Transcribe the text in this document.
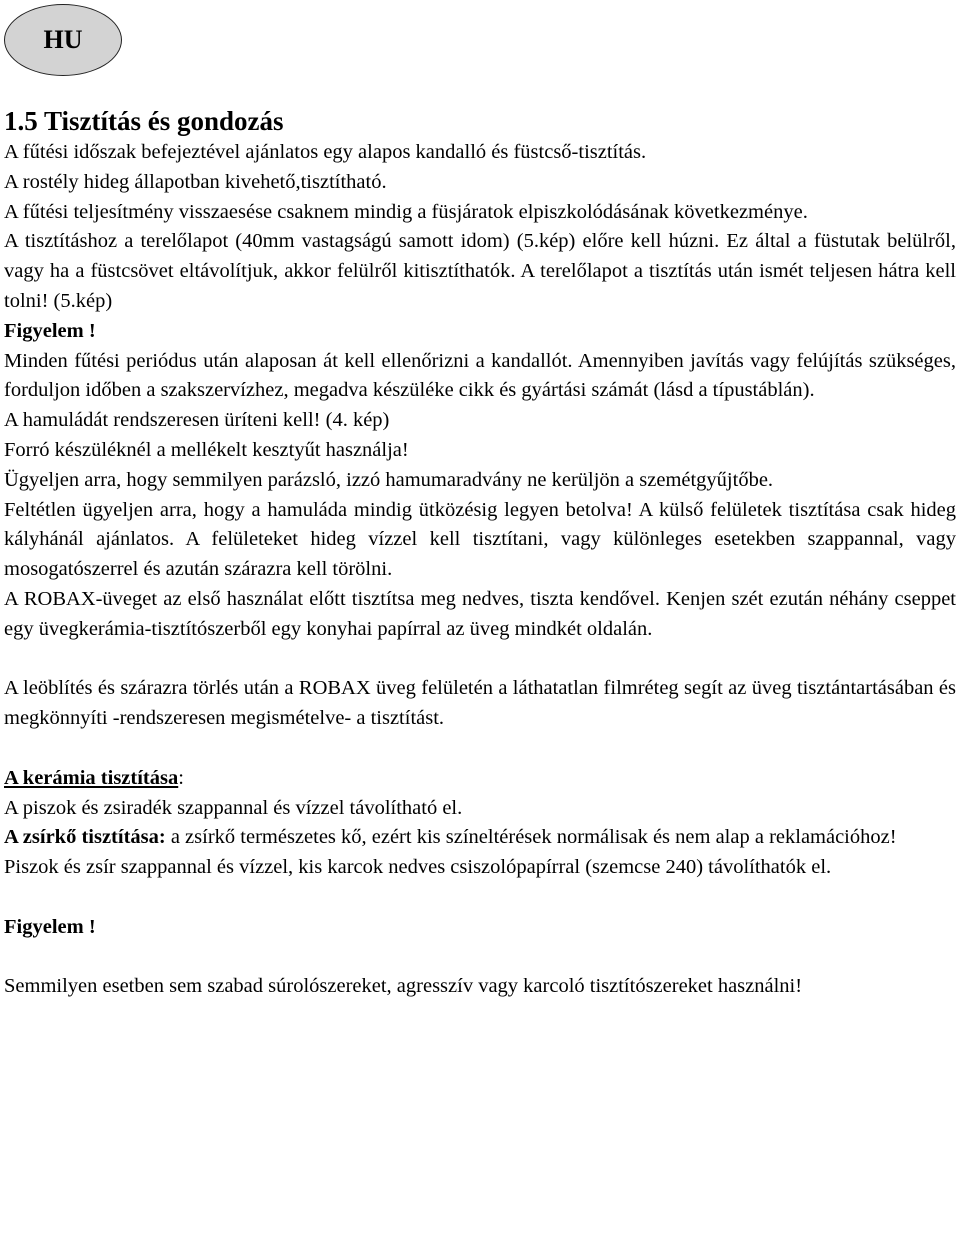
HU
1.5 Tisztítás és gondozás

A fűtési időszak befejeztével ajánlatos egy alapos kandalló és füstcső-tisztítás.

A rostély hideg állapotban kivehető,tisztítható.

A fűtési teljesítmény visszaesése csaknem mindig a füsjáratok elpiszkolódásának következménye.

A tisztításhoz a terelőlapot (40mm vastagságú samott idom) (5.kép) előre kell húzni. Ez által a füstutak belülről, vagy ha a füstcsövet eltávolítjuk, akkor felülről kitisztíthatók. A terelőlapot a tisztítás után ismét teljesen hátra kell tolni! (5.kép)

Figyelem !

Minden fűtési periódus után alaposan át kell ellenőrizni a kandallót. Amennyiben javítás vagy felújítás szükséges, forduljon időben a szakszervízhez, megadva készüléke cikk és gyártási számát (lásd a típustáblán).

A hamuládát rendszeresen üríteni kell! (4. kép)

Forró készüléknél a mellékelt kesztyűt használja!

Ügyeljen arra, hogy semmilyen parázsló, izzó hamumaradvány ne kerüljön a szemétgyűjtőbe.

Feltétlen ügyeljen arra, hogy a hamuláda mindig ütközésig legyen betolva! A külső felületek tisztítása csak hideg kályhánál ajánlatos. A felületeket hideg vízzel kell tisztítani, vagy különleges esetekben szappannal, vagy mosogatószerrel és azután szárazra kell törölni.

A ROBAX-üveget az első használat előtt tisztítsa meg nedves, tiszta kendővel. Kenjen szét ezután néhány cseppet egy üvegkerámia-tisztítószerből egy konyhai papírral az üveg mindkét oldalán.

A leöblítés és szárazra törlés után a ROBAX üveg felületén a láthatatlan filmréteg segít az üveg tisztántartásában és megkönnyíti -rendszeresen megismételve- a tisztítást.

A kerámia tisztítása:

A piszok és zsiradék szappannal és vízzel távolítható el.

A zsírkő tisztítása: a zsírkő természetes kő, ezért kis színeltérések normálisak és nem alap a reklamációhoz!

Piszok és zsír szappannal és vízzel, kis karcok nedves csiszolópapírral (szemcse 240) távolíthatók el.

Figyelem !

Semmilyen esetben sem szabad súrolószereket, agresszív vagy karcoló tisztítószereket használni!
